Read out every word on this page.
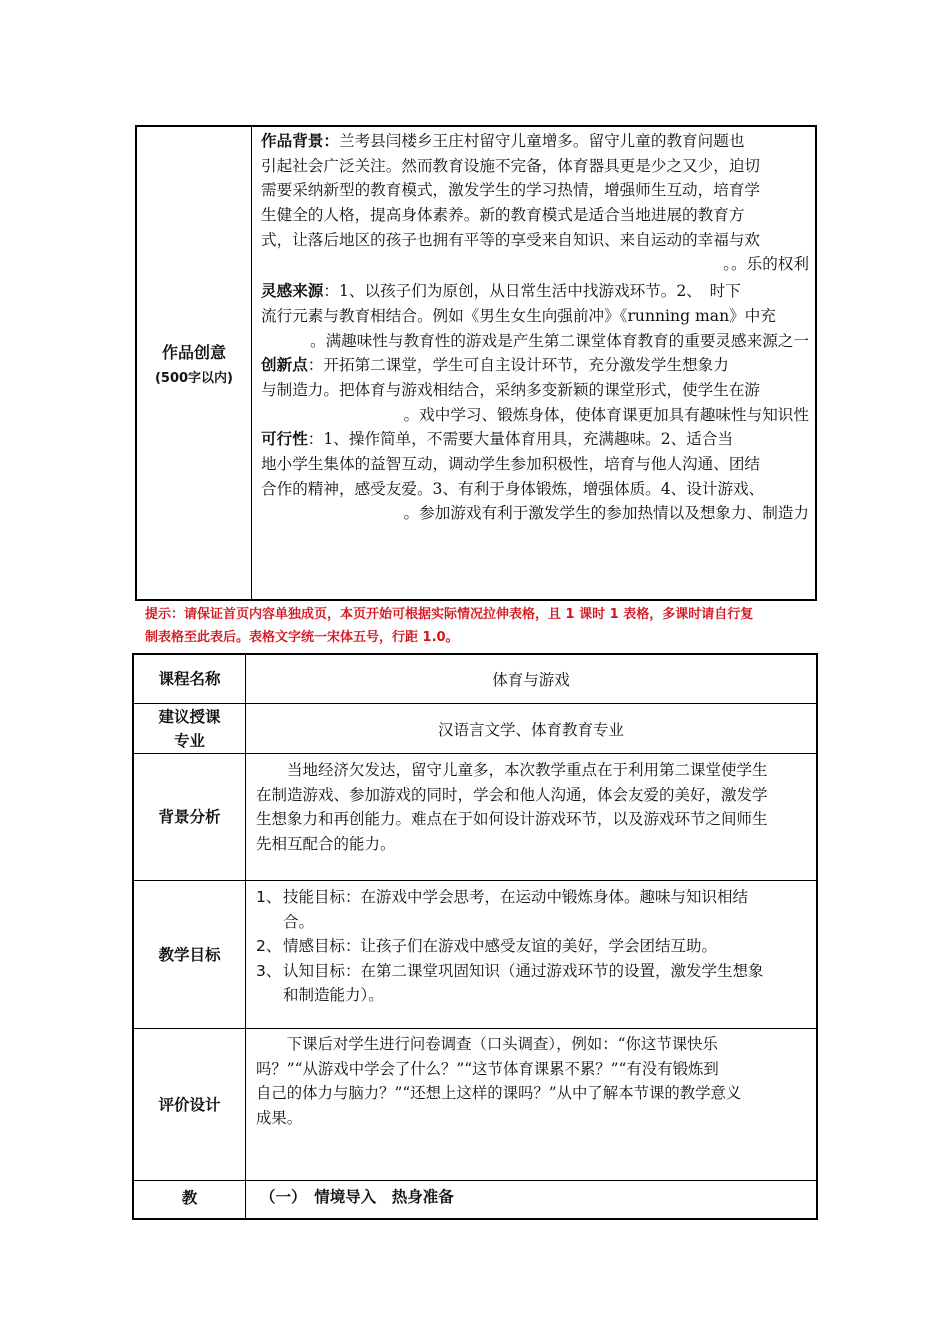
作品创意
(500字以内)
作品背景：兰考县闫楼乡王庄村留守儿童增多。留守儿童的教育问题也
引起社会广泛关注。然而教育设施不完备，体育器具更是少之又少，迫切
需要采纳新型的教育模式，激发学生的学习热情，增强师生互动，培育学
生健全的人格，提高身体素养。新的教育模式是适合当地进展的教育方
式，让落后地区的孩子也拥有平等的享受来自知识、来自运动的幸福与欢
。。乐的权利
灵感来源：1、以孩子们为原创，从日常生活中找游戏环节。2、　时下
流行元素与教育相结合。例如《男生女生向强前冲》《running man》中充
。满趣味性与教育性的游戏是产生第二课堂体育教育的重要灵感来源之一
创新点：开拓第二课堂，学生可自主设计环节，充分激发学生想象力
与制造力。把体育与游戏相结合，采纳多变新颖的课堂形式，使学生在游
。戏中学习、锻炼身体，使体育课更加具有趣味性与知识性
可行性：1、操作简单，不需要大量体育用具，充满趣味。2、适合当
地小学生集体的益智互动，调动学生参加积极性，培育与他人沟通、团结
合作的精神，感受友爱。3、有利于身体锻炼，增强体质。4、设计游戏、
。参加游戏有利于激发学生的参加热情以及想象力、制造力
提示：请保证首页内容单独成页，本页开始可根据实际情况拉伸表格，且 1 课时 1 表格，多课时请自行复
制表格至此表后。表格文字统一宋体五号，行距 1.0。
课程名称	体育与游戏
建议授课
专业
汉语言文学、体育教育专业
背景分析
　　当地经济欠发达，留守儿童多，本次教学重点在于利用第二课堂使学生
在制造游戏、参加游戏的同时，学会和他人沟通，体会友爱的美好，激发学
生想象力和再创能力。难点在于如何设计游戏环节，以及游戏环节之间师生
先相互配合的能力。
教学目标
1、 技能目标：在游戏中学会思考，在运动中锻炼身体。趣味与知识相结
合。
2、 情感目标：让孩子们在游戏中感受友谊的美好，学会团结互助。
3、 认知目标：在第二课堂巩固知识（通过游戏环节的设置，激发学生想象
和制造能力）。
评价设计
　　下课后对学生进行问卷调查（口头调查），例如：“你这节课快乐
吗？”“从游戏中学会了什么？”“这节体育课累不累？”“有没有锻炼到
自己的体力与脑力？”“还想上这样的课吗？”从中了解本节课的教学意义
成果。
教	（一）　情境导入　热身准备
